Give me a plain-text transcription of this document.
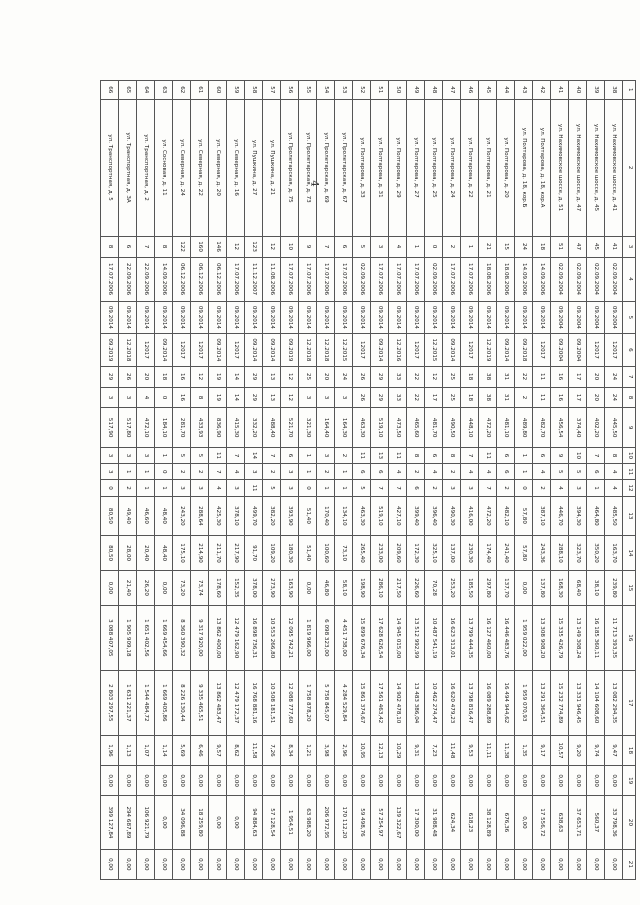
4
1	2	3	4	5	6	7	8	9	10	11	12	13	14	15	16	17	18	19	20	21
38	ул. Нахимовское шоссе, д. 41	41	02.09.2004	09.2004	12017	24	24	445,50	8	4	4	485,50	163,70	239,80	11 713 393,35	13 082 294,35	9,47	0,00	33 798,36	0,00
39	ул. Нахимовское шоссе, д. 45	45	02.09.2004	09.2004	12017	20	20	402,20	7	6	1	464,80	350,20	38,10	16 185 360,11	14 104 608,60	9,74	0,00	560,37	0,00
40	ул. Нахимовское шоссе, д. 47	47	02.09.2004	09.2004	09.2004	17	17	374,40	10	5	3	394,30	323,70	68,40	13 149 308,24	13 331 946,45	9,20	0,00	37 653,71	0,00
41	ул. Нахимовское шоссе, д. 51	51	02.09.2004	09.2004	09.2004	16	16	456,54	9	5	4	446,70	288,10	168,30	15 335 426,79	15 232 774,89	10,57	0,00	638,63	0,00
42	ул. Полтарова, д. 18, кор.А	18	14.09.2006	09.2014	12017	11	11	482,70	6	4	2	387,10	243,36	137,80	13 308 908,20	13 291 364,51	9,17	0,00	17 556,72	0,00
43	ул. Полтарова, д. 18, кор.Б	24	14.09.2006	09.2014	09.2018	22	2	489,80	1	1	0	57,80	57,80	0,00	1 959 022,00	1 959 070,93	1,35	0,00	0,00	0,00
44	ул. Полтарова, д. 20	15	18.08.2006	09.2014	09.2014	31	31	481,10	6	6	2	482,10	241,40	137,70	16 446 483,76	16 494 944,62	11,38	0,00	676,36	0,00
45	ул. Полтарова, д. 21	21	18.08.2006	09.2014	12.2019	38	38	472,20	11	4	7	472,20	174,40	297,80	16 127 460,00	16 089 288,89	11,11	0,00	38 128,89	0,00
46	ул. Полтарова, д. 22	1	17.07.2006	09.2014	12017	18	18	448,10	7	4	3	416,00	230,30	185,50	13 799 444,35	13 798 816,47	9,53	0,00	618,23	0,00
47	ул. Полтарова, д. 24	2	17.07.2006	09.2014	09.2014	25	25	490,50	8	2	3	490,30	137,00	253,20	16 623 313,01	16 620 479,23	11,48	0,00	624,34	0,00
48	ул. Полтарова, д. 25	0	02.09.2006	09.2014	12.2015	12	17	481,70	6	4	2	396,40	325,10	70,28	10 487 541,19	10 462 274,47	7,23	0,00	31 988,48	0,00
49	ул. Полтарова, д. 27	1	17.07.2006	09.2014	12017	22	22	465,60	8	2	6	399,40	172,30	226,60	13 512 992,99	13 483 386,04	9,31	0,00	17 300,00	0,00
50	ул. Полтарова, д. 29	4	17.07.2006	09.2014	12.2016	33	33	473,50	11	4	7	427,10	209,60	217,50	14 945 015,00	14 902 478,10	10,29	0,00	139 322,67	0,00
51	ул. Полтарова, д. 31	3	17.07.2006	09.2014	09.2014	29	29	519,10	13	6	7	519,10	233,00	286,10	17 628 626,54	17 561 463,42	12,13	0,00	57 254,97	0,00
52	ул. Полтарова, д. 33	5	02.09.2006	09.2014	12017	26	26	463,30	11	6	5	463,30	265,40	198,90	15 899 676,34	15 861 374,67	10,95	0,00	59 498,76	0,00
53	ул. Пролетарская, д. 67	6	17.07.2006	09.2014	12.2015	24	3	164,30	2	1	1	134,10	73,10	58,10	4 451 738,00	4 284 529,84	2,96	0,00	170 112,20	0,00
54	ул. Пролетарская, д. 69	7	17.07.2006	09.2014	12.2018	20	3	164,40	3	2	1	170,40	100,60	46,80	6 098 323,00	5 758 845,07	3,98	0,00	206 972,95	0,00
55	ул. Пролетарская, д. 73	9	17.07.2006	09.2014	12.2018	25	3	321,30	1	1	0	51,40	51,40	0,00	1 819 966,00	1 758 878,20	1,21	0,00	63 988,20	0,00
56	ул. Пролетарская, д. 75	10	17.07.2006	09.2014	09.2019	12	12	521,70	6	3	3	393,90	180,30	163,90	12 095 742,21	12 088 777,60	8,34	0,00	1 954,51	0,00
57	ул. Пушкина, д. 21	12	11.08.2006	09.2014	09.2014	13	13	488,40	7	2	5	382,20	109,20	273,90	10 553 266,80	10 508 181,51	7,26	0,00	57 128,54	0,00
58	ул. Пушкина, д. 27	123	11.12.2007	09.2014	09.2014	29	29	332,20	14	3	11	499,70	91,70	378,00	16 898 736,31	16 768 881,16	11,58	0,00	94 884,63	0,00
59	ул. Северная, д. 16	12	17.07.2006	09.2014	12017	14	14	415,30	7	4	3	378,10	217,90	152,35	12 479 162,90	12 479 172,37	8,62	0,00	0,00	0,00
60	ул. Северная, д. 20	146	06.12.2006	09.2014	09.2014	19	19	836,90	11	7	4	425,30	211,70	178,60	13 862 400,00	13 862 483,47	9,57	0,00	0,00	0,00
61	ул. Северная, д. 22	160	06.12.2006	09.2014	12017	12	8	433,93	5	2	3	288,64	214,90	73,74	9 317 920,00	9 335 465,51	6,46	0,00	18 259,80	0,00
62	ул. Северная, д. 24	122	06.12.2006	09.2014	12017	16	16	281,70	5	2	3	243,20	175,10	73,20	8 360 390,32	8 226 130,44	5,69	0,00	34 096,88	0,00
63	ул. Сосновая, д. 11	8	14.09.2006	09.2014	09.2014	18	0	184,10	1	0	1	48,40	48,40	0,00	1 669 454,66	1 669 405,86	1,14	0,00	0,00	0,00
64	ул. Транспортная, д. 2	7	22.09.2006	09.2014	12017	20	4	472,10	3	1	1	46,60	20,40	26,20	1 651 402,56	1 544 484,72	1,07	0,00	106 921,79	0,00
65	ул. Транспортная, д. 3А	6	22.09.2006	09.2014	12.2018	26	3	517,80	3	1	2	49,40	28,00	21,40	1 905 909,18	1 631 221,37	1,13	0,00	294 687,89	0,00
66	ул. Транспортная, д. 5	8	17.07.2006	09.2014	09.2019	29	3	517,90	3	3	0	80,50	80,50	0,00	3 088 407,05	2 803 297,55	1,96	0,00	399 127,84	0,00
